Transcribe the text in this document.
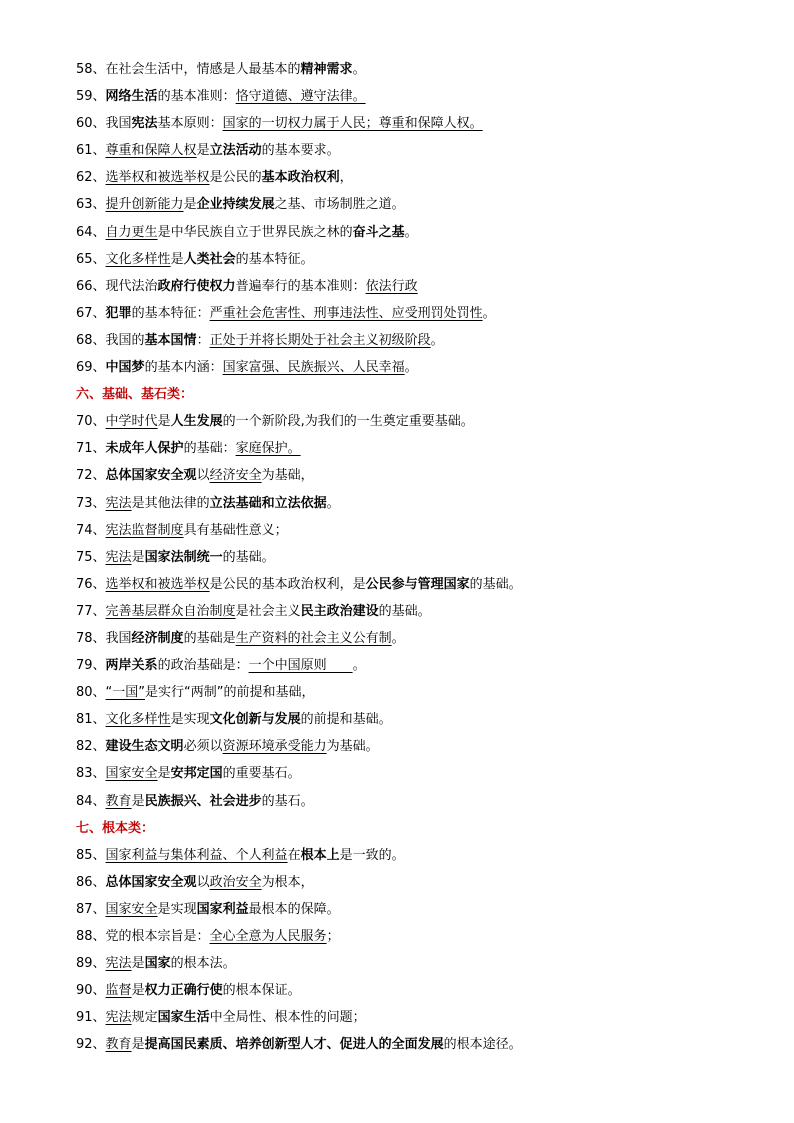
58、在社会生活中，情感是人最基本的精神需求。
59、网络生活的基本准则：恪守道德、遵守法律。
60、我国宪法基本原则：国家的一切权力属于人民；尊重和保障人权。
61、尊重和保障人权是立法活动的基本要求。
62、选举权和被选举权是公民的基本政治权利，
63、提升创新能力是企业持续发展之基、市场制胜之道。
64、自力更生是中华民族自立于世界民族之林的奋斗之基。
65、文化多样性是人类社会的基本特征。
66、现代法治政府行使权力普遍奉行的基本准则：依法行政
67、犯罪的基本特征：严重社会危害性、刑事违法性、应受刑罚处罚性。
68、我国的基本国情：正处于并将长期处于社会主义初级阶段。
69、中国梦的基本内涵：国家富强、民族振兴、人民幸福。
六、基础、基石类：
70、中学时代是人生发展的一个新阶段,为我们的一生奠定重要基础。
71、未成年人保护的基础：家庭保护。
72、总体国家安全观以经济安全为基础，
73、宪法是其他法律的立法基础和立法依据。
74、宪法监督制度具有基础性意义；
75、宪法是国家法制统一的基础。
76、选举权和被选举权是公民的基本政治权利，是公民参与管理国家的基础。
77、完善基层群众自治制度是社会主义民主政治建设的基础。
78、我国经济制度的基础是生产资料的社会主义公有制。
79、两岸关系的政治基础是：一个中国原则　　。
80、“一国”是实行“两制”的前提和基础，
81、文化多样性是实现文化创新与发展的前提和基础。
82、建设生态文明必须以资源环境承受能力为基础。
83、国家安全是安邦定国的重要基石。
84、教育是民族振兴、社会进步的基石。
七、根本类：
85、国家利益与集体利益、个人利益在根本上是一致的。
86、总体国家安全观以政治安全为根本，
87、国家安全是实现国家利益最根本的保障。
88、党的根本宗旨是：全心全意为人民服务；
89、宪法是国家的根本法。
90、监督是权力正确行使的根本保证。
91、宪法规定国家生活中全局性、根本性的问题；
92、教育是提高国民素质、培养创新型人才、促进人的全面发展的根本途径。
